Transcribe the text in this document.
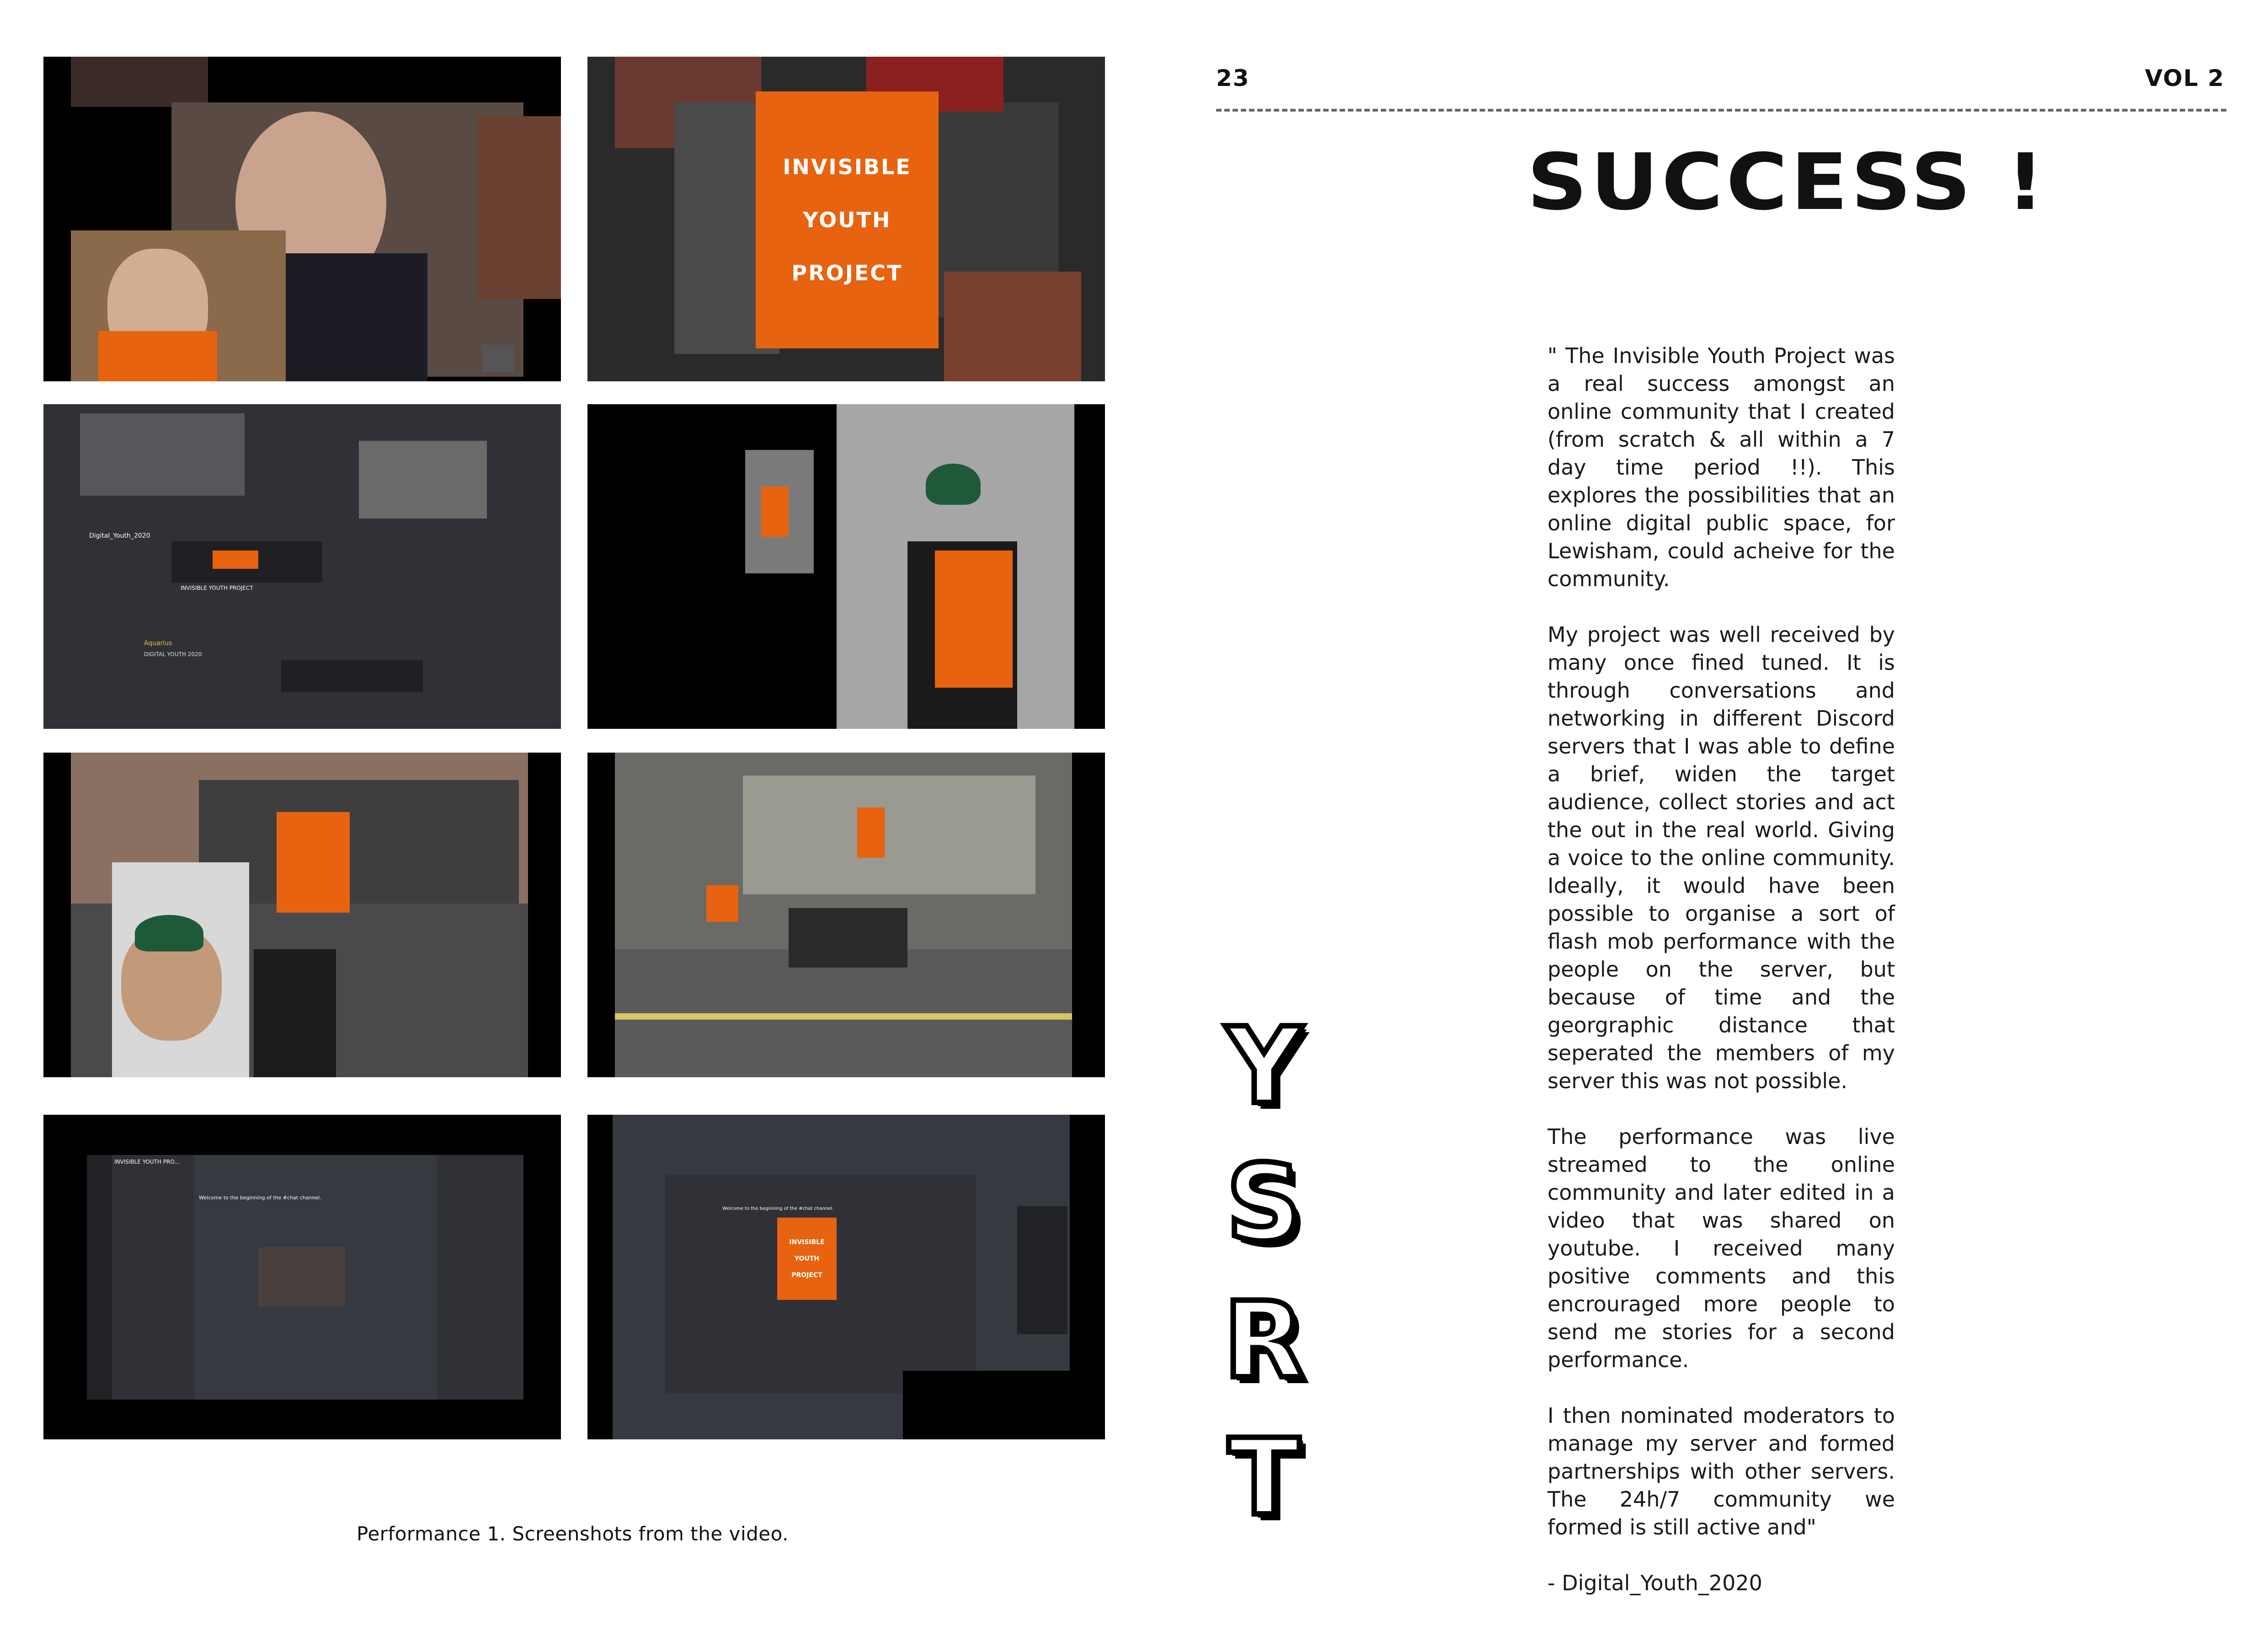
INVISIBLE
YOUTH
PROJECT
Digital_Youth_2020
INVISIBLE YOUTH PROJECT
Aquarius
DIGITAL YOUTH 2020
INVISIBLE YOUTH PRO...
Welcome to the beginning of the #chat channel.
INVISIBLE
YOUTH
PROJECT
Welcome to the beginning of the #chat channel.
Performance 1. Screenshots from the video.
23	VOL 2
SUCCESS !
Y
S
R
T

" The Invisible Youth Project was a real success amongst an online community that I created (from scratch & all within a 7 day time period !!). This explores the possibilities that an online digital public space, for Lewisham, could acheive for the community.

My project was well received by many once fined tuned. It is through conversations and networking in different Discord servers that I was able to define a brief, widen the target audience, collect stories and act the out in the real world. Giving a voice to the online community. Ideally, it would have been possible to organise a sort of flash mob performance with the people on the server, but because of time and the georgraphic distance that seperated the members of my server this was not possible.

The performance was live streamed to the online community and later edited in a video that was shared on youtube. I received many positive comments and this encrouraged more people to send me stories for a second performance.

I then nominated moderators to manage my server and formed partnerships with other servers. The 24h/7 community we formed is still active and"

- Digital_Youth_2020
